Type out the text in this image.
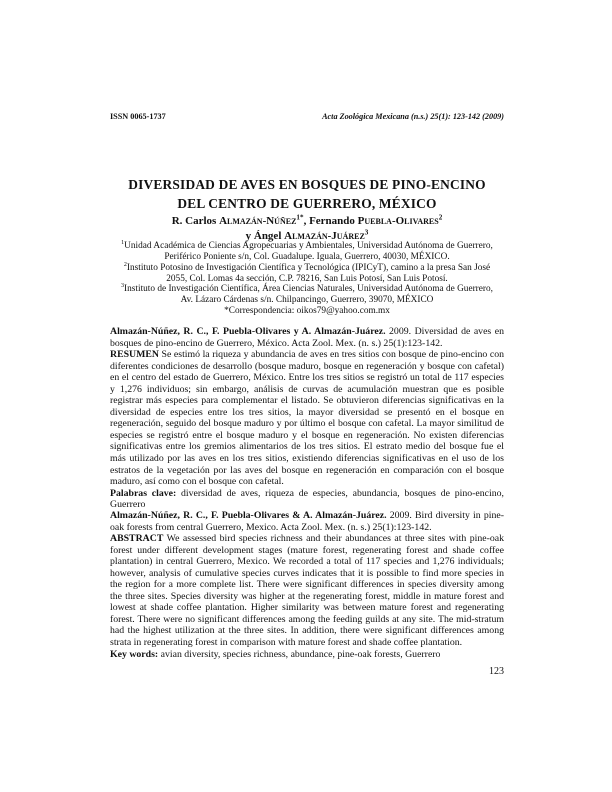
ISSN 0065-1737	Acta Zoológica Mexicana (n.s.) 25(1): 123-142 (2009)
DIVERSIDAD DE AVES EN BOSQUES DE PINO-ENCINO
DEL CENTRO DE GUERRERO, MÉXICO
R. Carlos Almazán-Núñez$^{1*}$, Fernando Puebla-Olivares$^2$
y Ángel Almazán-Juárez$^3$
$^1$Unidad Académica de Ciencias Agropecuarias y Ambientales, Universidad Autónoma de Guerrero,
Periférico Poniente s/n, Col. Guadalupe. Iguala, Guerrero, 40030, MÉXICO.
$^2$Instituto Potosino de Investigación Científica y Tecnológica (IPICyT), camino a la presa San José
2055, Col. Lomas 4a sección, C.P. 78216, San Luis Potosí, San Luis Potosí.
$^3$Instituto de Investigación Científica, Área Ciencias Naturales, Universidad Autónoma de Guerrero,
Av. Lázaro Cárdenas s/n. Chilpancingo, Guerrero, 39070, MÉXICO
*Correspondencia: oikos79@yahoo.com.mx

Almazán-Núñez, R. C., F. Puebla-Olivares y A. Almazán-Juárez. 2009. Diversidad de aves en bosques de pino-encino de Guerrero, México. Acta Zool. Mex. (n. s.) 25(1):123-142.

RESUMEN Se estimó la riqueza y abundancia de aves en tres sitios con bosque de pino-encino con diferentes condiciones de desarrollo (bosque maduro, bosque en regeneración y bosque con cafetal) en el centro del estado de Guerrero, México. Entre los tres sitios se registró un total de 117 especies y 1,276 individuos; sin embargo, análisis de curvas de acumulación muestran que es posible registrar más especies para complementar el listado. Se obtuvieron diferencias significativas en la diversidad de especies entre los tres sitios, la mayor diversidad se presentó en el bosque en regeneración, seguido del bosque maduro y por último el bosque con cafetal. La mayor similitud de especies se registró entre el bosque maduro y el bosque en regeneración. No existen diferencias significativas entre los gremios alimentarios de los tres sitios. El estrato medio del bosque fue el más utilizado por las aves en los tres sitios, existiendo diferencias significativas en el uso de los estratos de la vegetación por las aves del bosque en regeneración en comparación con el bosque maduro, así como con el bosque con cafetal.

Palabras clave: diversidad de aves, riqueza de especies, abundancia, bosques de pino-encino, Guerrero

Almazán-Núñez, R. C., F. Puebla-Olivares & A. Almazán-Juárez. 2009. Bird diversity in pine-oak forests from central Guerrero, Mexico. Acta Zool. Mex. (n. s.) 25(1):123-142.

ABSTRACT We assessed bird species richness and their abundances at three sites with pine-oak forest under different development stages (mature forest, regenerating forest and shade coffee plantation) in central Guerrero, Mexico. We recorded a total of 117 species and 1,276 individuals; however, analysis of cumulative species curves indicates that it is possible to find more species in the region for a more complete list. There were significant differences in species diversity among the three sites. Species diversity was higher at the regenerating forest, middle in mature forest and lowest at shade coffee plantation. Higher similarity was between mature forest and regenerating forest. There were no significant differences among the feeding guilds at any site. The mid-stratum had the highest utilization at the three sites. In addition, there were significant differences among strata in regenerating forest in comparison with mature forest and shade coffee plantation.

Key words: avian diversity, species richness, abundance, pine-oak forests, Guerrero

123
